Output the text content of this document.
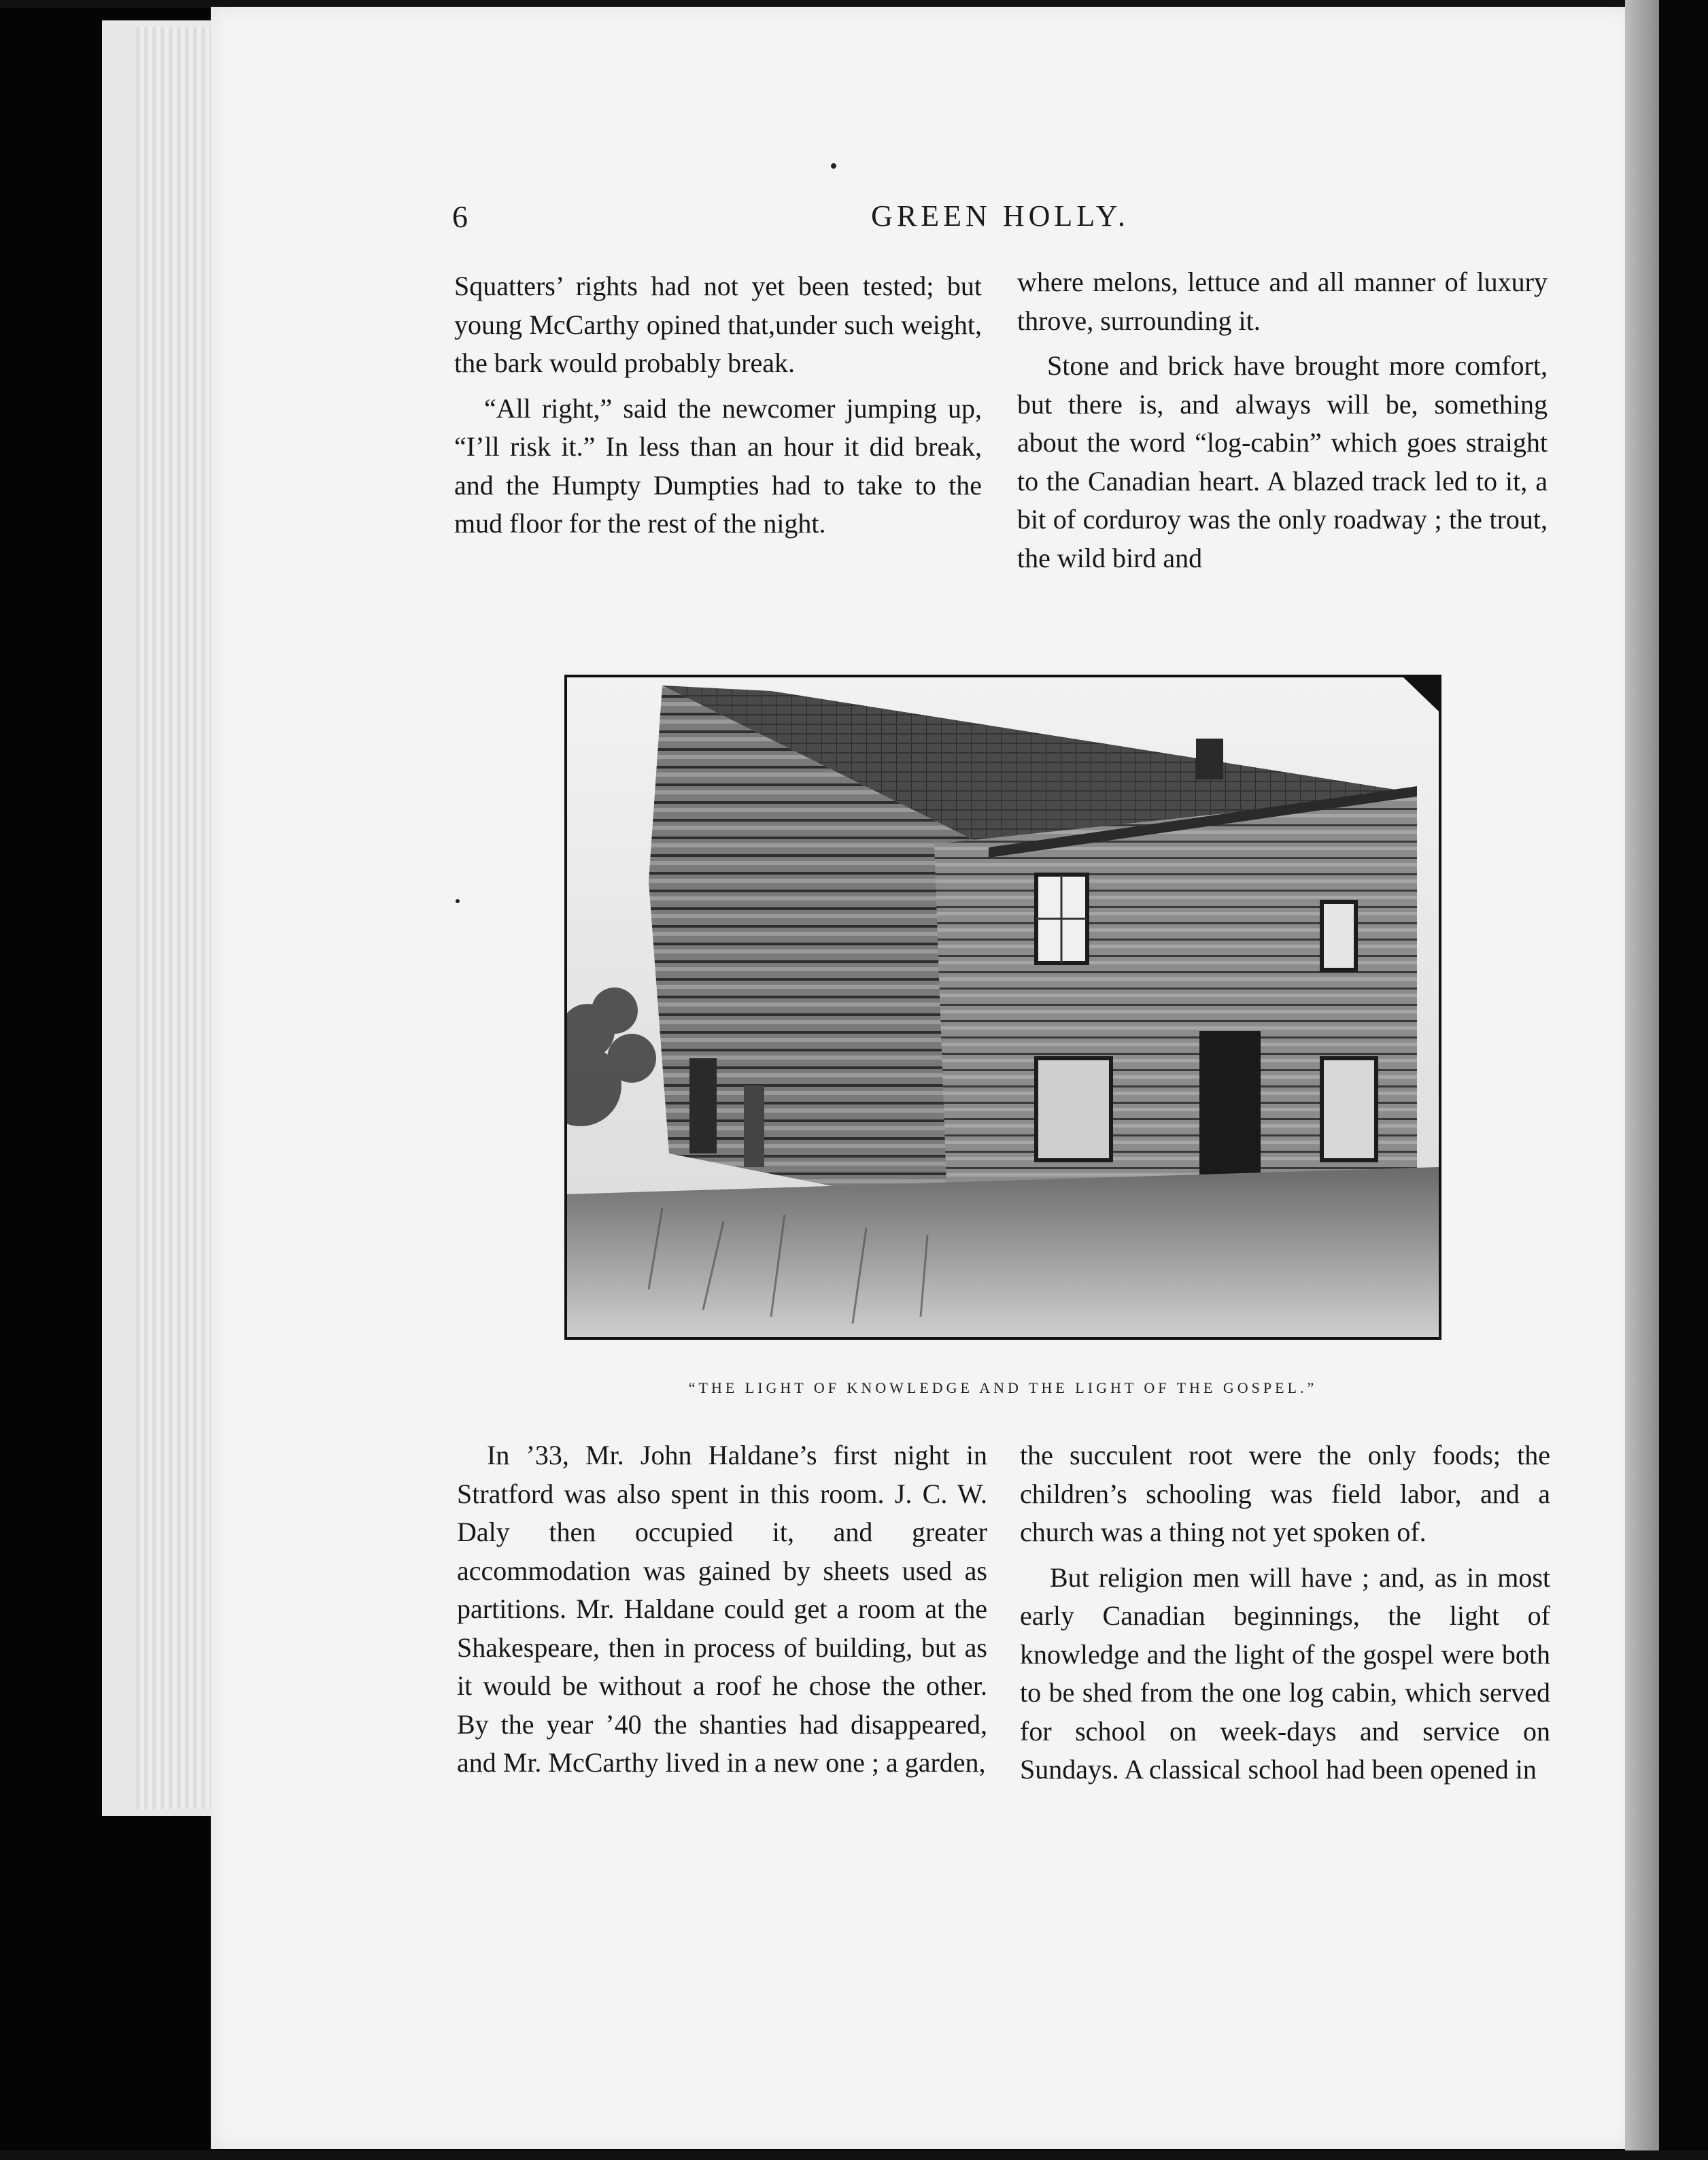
6	GREEN HOLLY.

Squatters’ rights had not yet been tested; but young McCarthy opined that,under such weight, the bark would probably break.

“All right,” said the newcomer jumping up, “I’ll risk it.” In less than an hour it did break, and the Humpty Dumpties had to take to the mud floor for the rest of the night.

where melons, lettuce and all manner of luxury throve, surrounding it.

Stone and brick have brought more comfort, but there is, and always will be, something about the word “log-cabin” which goes straight to the Canadian heart. A blazed track led to it, a bit of corduroy was the only roadway ; the trout, the wild bird and

“THE LIGHT OF KNOWLEDGE AND THE LIGHT OF THE GOSPEL.”

In ’33, Mr. John Haldane’s first night in Stratford was also spent in this room. J. C. W. Daly then occupied it, and greater accommodation was gained by sheets used as partitions. Mr. Haldane could get a room at the Shakespeare, then in process of building, but as it would be without a roof he chose the other. By the year ’40 the shanties had disappeared, and Mr. McCarthy lived in a new one ; a garden,

the succulent root were the only foods; the children’s schooling was field labor, and a church was a thing not yet spoken of.

But religion men will have ; and, as in most early Canadian beginnings, the light of knowledge and the light of the gospel were both to be shed from the one log cabin, which served for school on week-days and service on Sundays. A classical school had been opened in
